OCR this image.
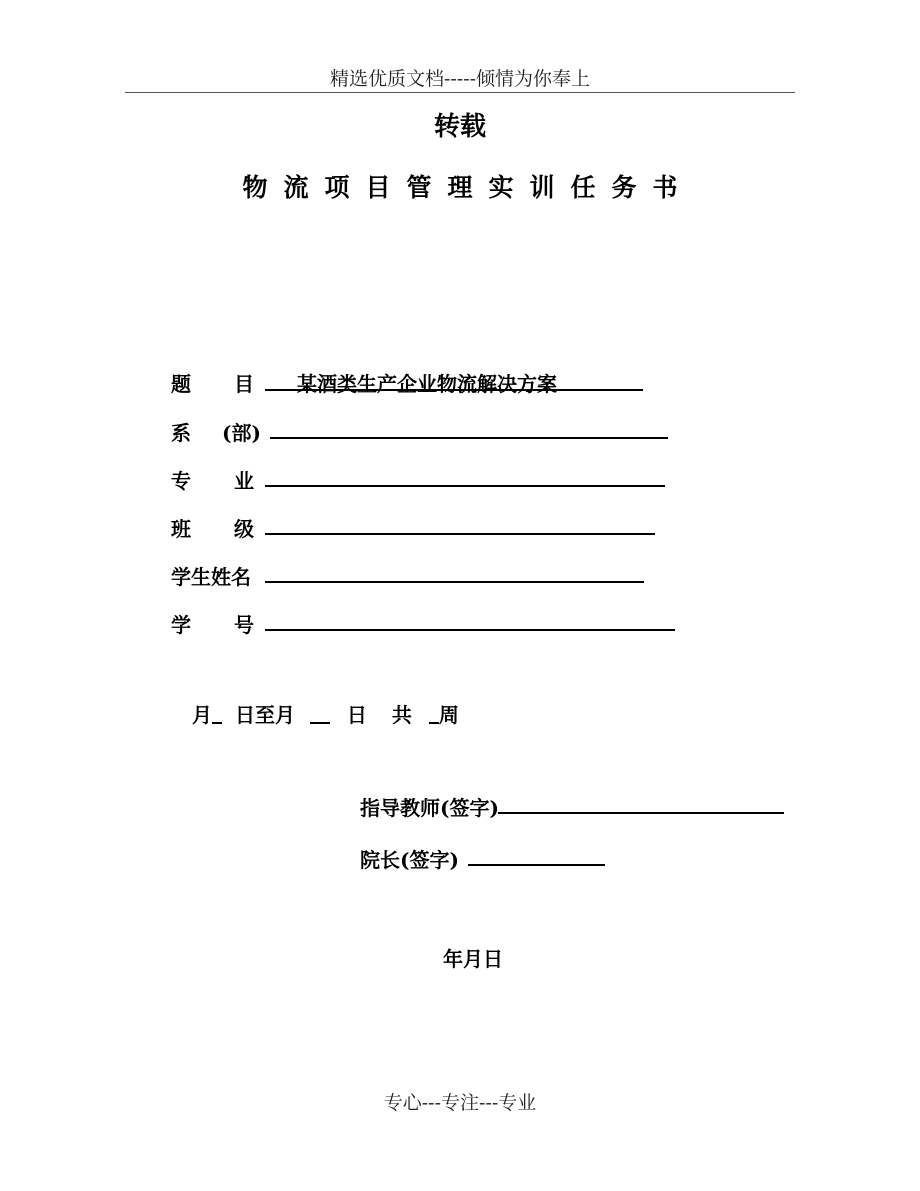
精选优质文档-----倾情为你奉上
转载
物流项目管理实训任务书
题 目 某酒类生产企业物流解决方案
系 (部)
专 业
班 级
学生姓名
学 号
月 日至月	日 共 周
指导教师(签字)
院长(签字)
年月日
专心---专注---专业
